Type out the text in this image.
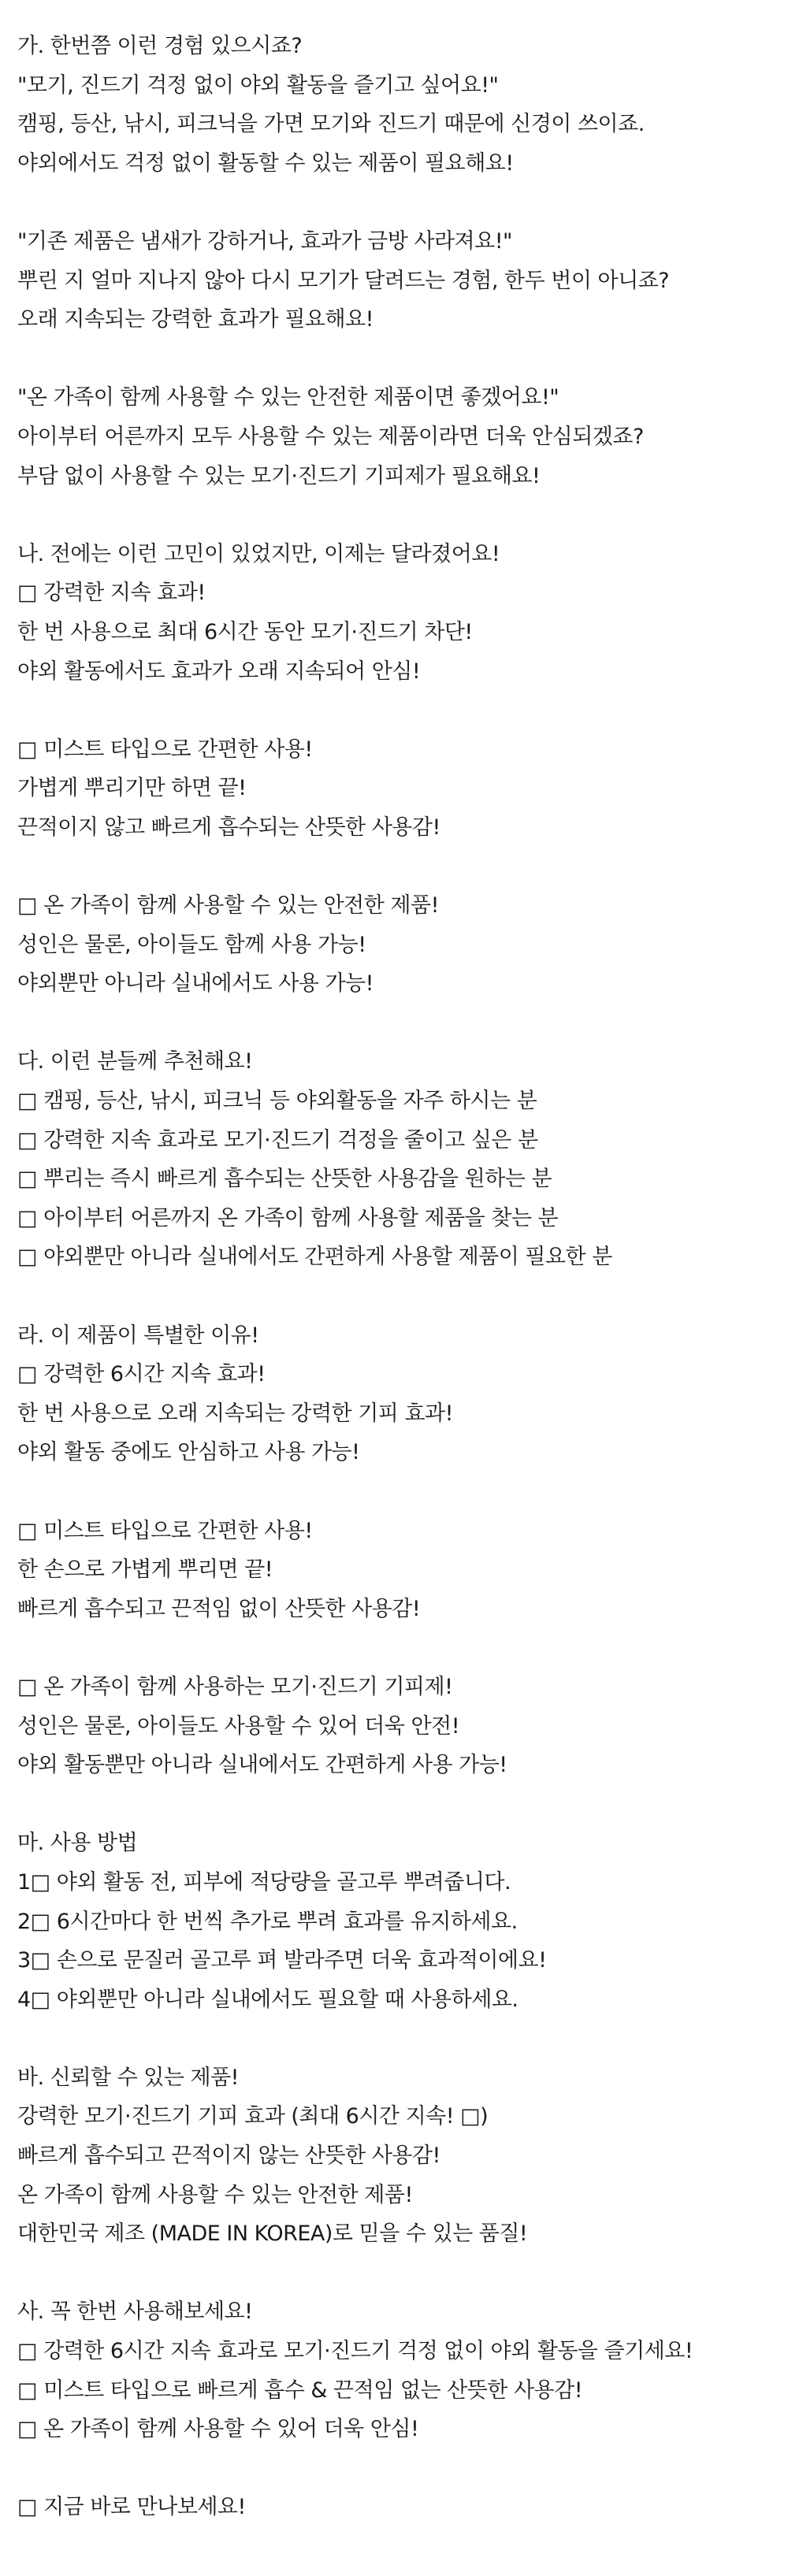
가. 한번쯤 이런 경험 있으시죠?
"모기, 진드기 걱정 없이 야외 활동을 즐기고 싶어요!"
캠핑, 등산, 낚시, 피크닉을 가면 모기와 진드기 때문에 신경이 쓰이죠.
야외에서도 걱정 없이 활동할 수 있는 제품이 필요해요!
"기존 제품은 냄새가 강하거나, 효과가 금방 사라져요!"
뿌린 지 얼마 지나지 않아 다시 모기가 달려드는 경험, 한두 번이 아니죠?
오래 지속되는 강력한 효과가 필요해요!
"온 가족이 함께 사용할 수 있는 안전한 제품이면 좋겠어요!"
아이부터 어른까지 모두 사용할 수 있는 제품이라면 더욱 안심되겠죠?
부담 없이 사용할 수 있는 모기·진드기 기피제가 필요해요!
나. 전에는 이런 고민이 있었지만, 이제는 달라졌어요!
□ 강력한 지속 효과!
한 번 사용으로 최대 6시간 동안 모기·진드기 차단!
야외 활동에서도 효과가 오래 지속되어 안심!
□ 미스트 타입으로 간편한 사용!
가볍게 뿌리기만 하면 끝!
끈적이지 않고 빠르게 흡수되는 산뜻한 사용감!
□ 온 가족이 함께 사용할 수 있는 안전한 제품!
성인은 물론, 아이들도 함께 사용 가능!
야외뿐만 아니라 실내에서도 사용 가능!
다. 이런 분들께 추천해요!
□ 캠핑, 등산, 낚시, 피크닉 등 야외활동을 자주 하시는 분
□ 강력한 지속 효과로 모기·진드기 걱정을 줄이고 싶은 분
□ 뿌리는 즉시 빠르게 흡수되는 산뜻한 사용감을 원하는 분
□ 아이부터 어른까지 온 가족이 함께 사용할 제품을 찾는 분
□ 야외뿐만 아니라 실내에서도 간편하게 사용할 제품이 필요한 분
라. 이 제품이 특별한 이유!
□ 강력한 6시간 지속 효과!
한 번 사용으로 오래 지속되는 강력한 기피 효과!
야외 활동 중에도 안심하고 사용 가능!
□ 미스트 타입으로 간편한 사용!
한 손으로 가볍게 뿌리면 끝!
빠르게 흡수되고 끈적임 없이 산뜻한 사용감!
□ 온 가족이 함께 사용하는 모기·진드기 기피제!
성인은 물론, 아이들도 사용할 수 있어 더욱 안전!
야외 활동뿐만 아니라 실내에서도 간편하게 사용 가능!
마. 사용 방법
1□ 야외 활동 전, 피부에 적당량을 골고루 뿌려줍니다.
2□ 6시간마다 한 번씩 추가로 뿌려 효과를 유지하세요.
3□ 손으로 문질러 골고루 펴 발라주면 더욱 효과적이에요!
4□ 야외뿐만 아니라 실내에서도 필요할 때 사용하세요.
바. 신뢰할 수 있는 제품!
강력한 모기·진드기 기피 효과 (최대 6시간 지속! □)
빠르게 흡수되고 끈적이지 않는 산뜻한 사용감!
온 가족이 함께 사용할 수 있는 안전한 제품!
대한민국 제조 (MADE IN KOREA)로 믿을 수 있는 품질!
사. 꼭 한번 사용해보세요!
□ 강력한 6시간 지속 효과로 모기·진드기 걱정 없이 야외 활동을 즐기세요!
□ 미스트 타입으로 빠르게 흡수 & 끈적임 없는 산뜻한 사용감!
□ 온 가족이 함께 사용할 수 있어 더욱 안심!
□ 지금 바로 만나보세요!
